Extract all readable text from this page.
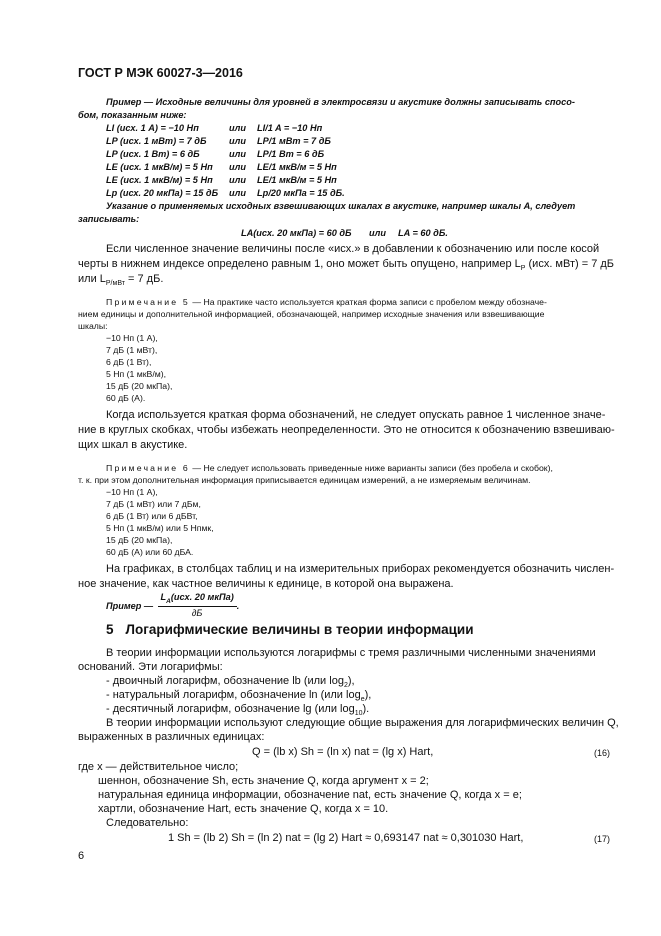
ГОСТ Р МЭК 60027-3—2016
Пример — Исходные величины для уровней в электросвязи и акустике должны записывать спосо-
бом, показанным ниже:
LI (исх. 1 A) = −10 Нп	или LI/1 A = −10 Нп
LP (исх. 1 мВт) = 7 дБ или LP/1 мВт = 7 дБ
LP (исх. 1 Вт) = 6 дБ	или LP/1 Вт = 6 дБ
LE (исх. 1 мкВ/м) = 5 Нп или LE/1 мкВ/м = 5 Нп
LE (исх. 1 мкВ/м) = 5 Нп или LE/1 мкВ/м = 5 Нп
Lp (исх. 20 мкПа) = 15 дБ или Lp/20 мкПа = 15 дБ.
Указание о применяемых исходных взвешивающих шкалах в акустике, например шкалы А, следует
записывать:
LA(исх. 20 мкПа) = 60 дБ или LA = 60 дБ.
Если численное значение величины после «исх.» в добавлении к обозначению или после косой
черты в нижнем индексе определено равным 1, оно может быть опущено, например $L_P$ (исх. мВт) = 7 дБ
или $L_{P/мВт} = 7$ дБ.
Примечание 5 — На практике часто используется краткая форма записи с пробелом между обозначе-
нием единицы и дополнительной информацией, обозначающей, например исходные значения или взвешивающие
шкалы:
−10 Нп (1 А),
7 дБ (1 мВт),
6 дБ (1 Вт),
5 Нп (1 мкВ/м),
15 дБ (20 мкПа),
60 дБ (А).
Когда используется краткая форма обозначений, не следует опускать равное 1 численное значе-
ние в круглых скобках, чтобы избежать неопределенности. Это не относится к обозначению взвешиваю-
щих шкал в акустике.
Примечание 6 — Не следует использовать приведенные ниже варианты записи (без пробела и скобок),
т. к. при этом дополнительная информация приписывается единицам измерений, а не измеряемым величинам.
−10 Нп (1 А),
7 дБ (1 мВт) или 7 дБм,
6 дБ (1 Вт) или 6 дБВт,
5 Нп (1 мкВ/м) или 5 Нпмк,
15 дБ (20 мкПа),
60 дБ (А) или 60 дБА.
На графиках, в столбцах таблиц и на измерительных приборах рекомендуется обозначить числен-
ное значение, как частное величины к единице, в которой она выражена.
Пример — $\frac{L_A(исх. 20 мкПа)}{\partial Б}$ .
5 Логарифмические величины в теории информации
В теории информации используются логарифмы с тремя различными численными значениями
оснований. Эти логарифмы:
- двоичный логарифм, обозначение lb (или $\log_2$),
- натуральный логарифм, обозначение ln (или $\log_e$),
- десятичный логарифм, обозначение lg (или $\log_{10}$).
В теории информации используют следующие общие выражения для логарифмических величин Q,
выраженных в различных единицах:
Q = (lb x) Sh = (ln x) nat = (lg x) Hart,	(16)
где x — действительное число;
шеннон, обозначение Sh, есть значение Q, когда аргумент x = 2;
натуральная единица информации, обозначение nat, есть значение Q, когда x = e;
хартли, обозначение Hart, есть значение Q, когда x = 10.
Следовательно:
1 Sh = (lb 2) Sh = (ln 2) nat = (lg 2) Hart ≈ 0,693147 nat ≈ 0,301030 Hart,	(17)
6
